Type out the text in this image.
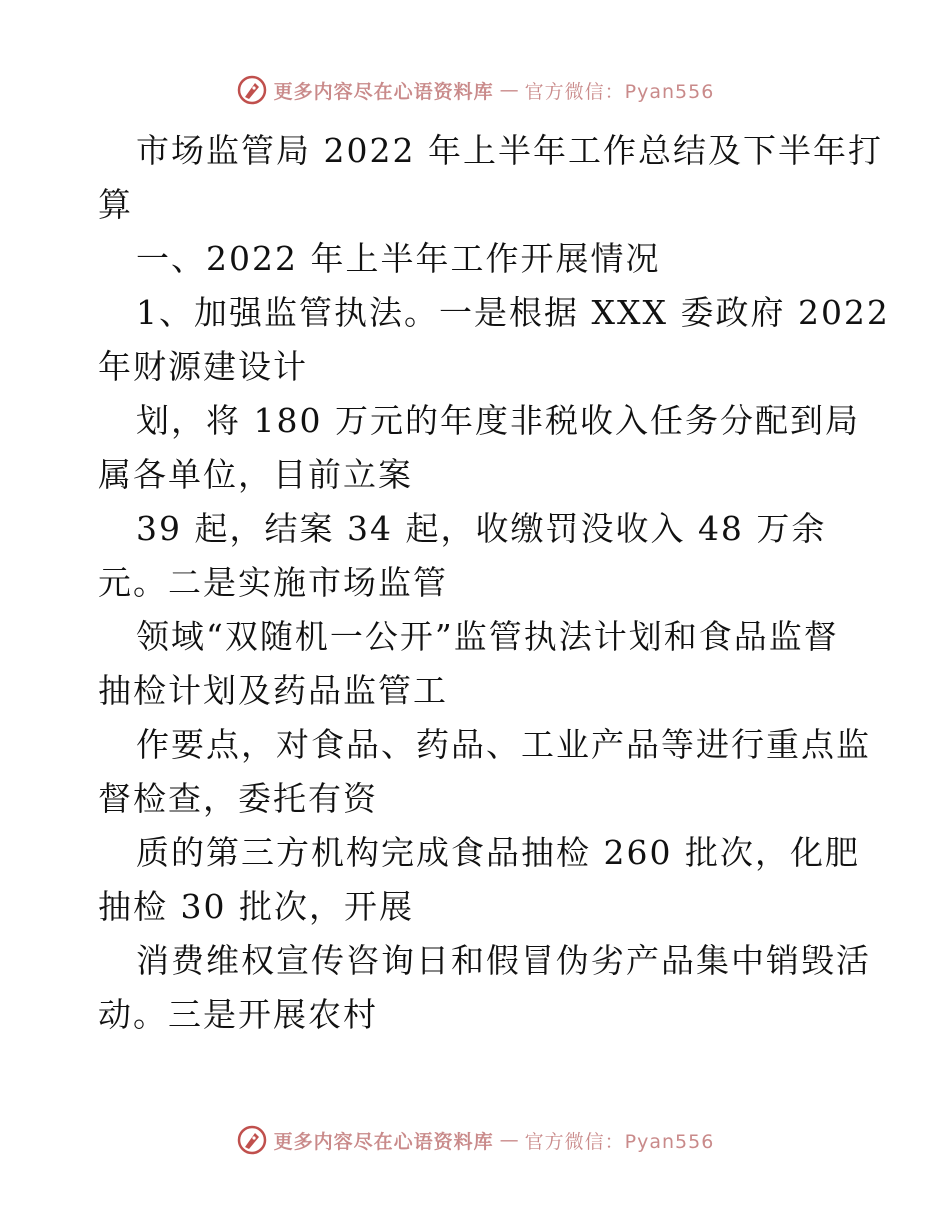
更多内容尽在心语资料库 — 官方微信：Pyan556
市场监管局 2022 年上半年工作总结及下半年打
算
一、2022 年上半年工作开展情况
1、加强监管执法。一是根据 XXX 委政府 2022
年财源建设计
划，将 180 万元的年度非税收入任务分配到局
属各单位，目前立案
39 起，结案 34 起，收缴罚没收入 48 万余
元。二是实施市场监管
领域“双随机一公开”监管执法计划和食品监督
抽检计划及药品监管工
作要点，对食品、药品、工业产品等进行重点监
督检查，委托有资
质的第三方机构完成食品抽检 260 批次，化肥
抽检 30 批次，开展
消费维权宣传咨询日和假冒伪劣产品集中销毁活
动。三是开展农村
更多内容尽在心语资料库 — 官方微信：Pyan556
